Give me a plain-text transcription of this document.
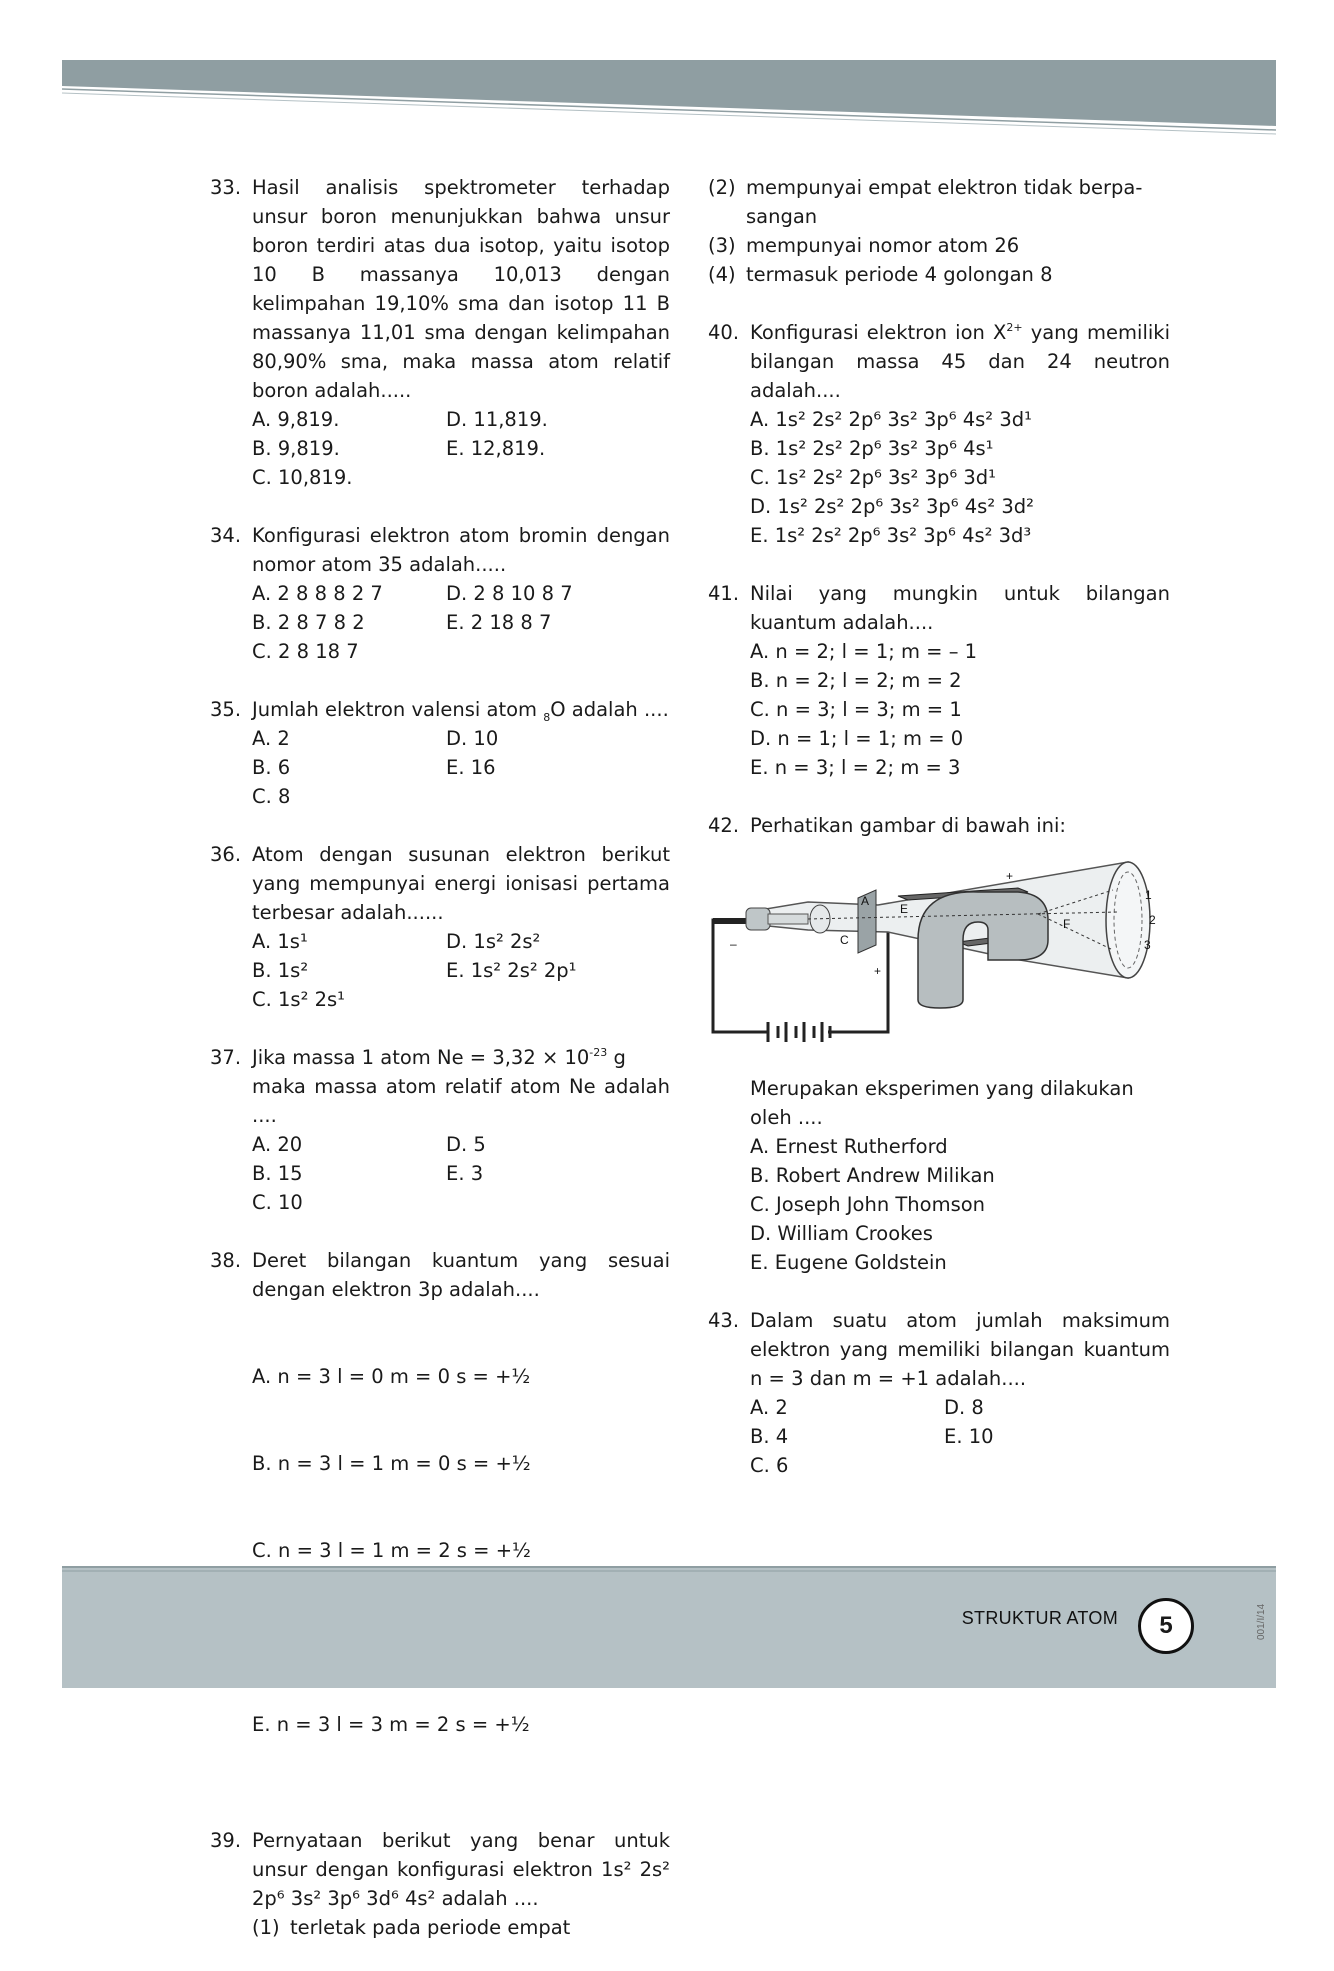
33. Hasil analisis spektrometer terhadap unsur boron menunjukkan bahwa unsur boron terdiri atas dua isotop, yaitu isotop 10 B massanya 10,013 dengan kelimpahan 19,10% sma dan isotop 11 B massanya 11,01 sma dengan kelimpahan 80,90% sma, maka massa atom relatif boron adalah.....
A. 9,819.	D. 11,819.
B. 9,819.	E. 12,819.
C. 10,819.
34. Konfigurasi elektron atom bromin dengan nomor atom 35 adalah.....
A. 2 8 8 8 2 7	D. 2 8 10 8 7
B. 2 8 7 8 2	E. 2 18 8 7
C. 2 8 18 7
35. Jumlah elektron valensi atom $_8$O adalah ....
A. 2	D. 10
B. 6	E. 16
C. 8
36. Atom dengan susunan elektron berikut yang mempunyai energi ionisasi pertama terbesar adalah......
A. 1s¹	D. 1s² 2s²
B. 1s²	E. 1s² 2s² 2p¹
C. 1s² 2s¹
37. Jika massa 1 atom $Ne = 3,32 \times 10^{-23}$ g
maka massa atom relatif atom Ne adalah ....
A. 20	D. 5
B. 15	E. 3
C. 10
38. Deret bilangan kuantum yang sesuai dengan elektron 3p adalah....

A. n = 3 l = 0 m = 0 s = +½

B. n = 3 l = 1 m = 0 s = +½

C. n = 3 l = 1 m = 2 s = +½

E. n = 3 l = 3 m = 2 s = +½

39. Pernyataan berikut yang benar untuk unsur dengan konfigurasi elektron 1s² 2s² 2p⁶ 3s² 3p⁶ 3d⁶ 4s² adalah ....
(1) terletak pada periode empat
(2) mempunyai empat elektron tidak berpa-sangan
(3) mempunyai nomor atom 26
(4) termasuk periode 4 golongan 8
40. Konfigurasi elektron ion $X^{2+}$ yang memiliki bilangan massa 45 dan 24 neutron adalah....
A. 1s² 2s² 2p⁶ 3s² 3p⁶ 4s² 3d¹
B. 1s² 2s² 2p⁶ 3s² 3p⁶ 4s¹
C. 1s² 2s² 2p⁶ 3s² 3p⁶ 3d¹
D. 1s² 2s² 2p⁶ 3s² 3p⁶ 4s² 3d²
E. 1s² 2s² 2p⁶ 3s² 3p⁶ 4s² 3d³
41. Nilai yang mungkin untuk bilangan kuantum adalah....
A. n = 2; l = 1; m = – 1
B. n = 2; l = 2; m = 2
C. n = 3; l = 3; m = 1
D. n = 1; l = 1; m = 0
E. n = 3; l = 2; m = 3
42. Perhatikan gambar di bawah ini:
A
C
E
F
1
2
3
+
–
+
Merupakan eksperimen yang dilakukan oleh ....
A. Ernest Rutherford
B. Robert Andrew Milikan
C. Joseph John Thomson
D. William Crookes
E. Eugene Goldstein
43. Dalam suatu atom jumlah maksimum elektron yang memiliki bilangan kuantum n = 3 dan m = +1 adalah....
A. 2	D. 8
B. 4	E. 10
C. 6
STRUKTUR ATOM	5	001/I/14
